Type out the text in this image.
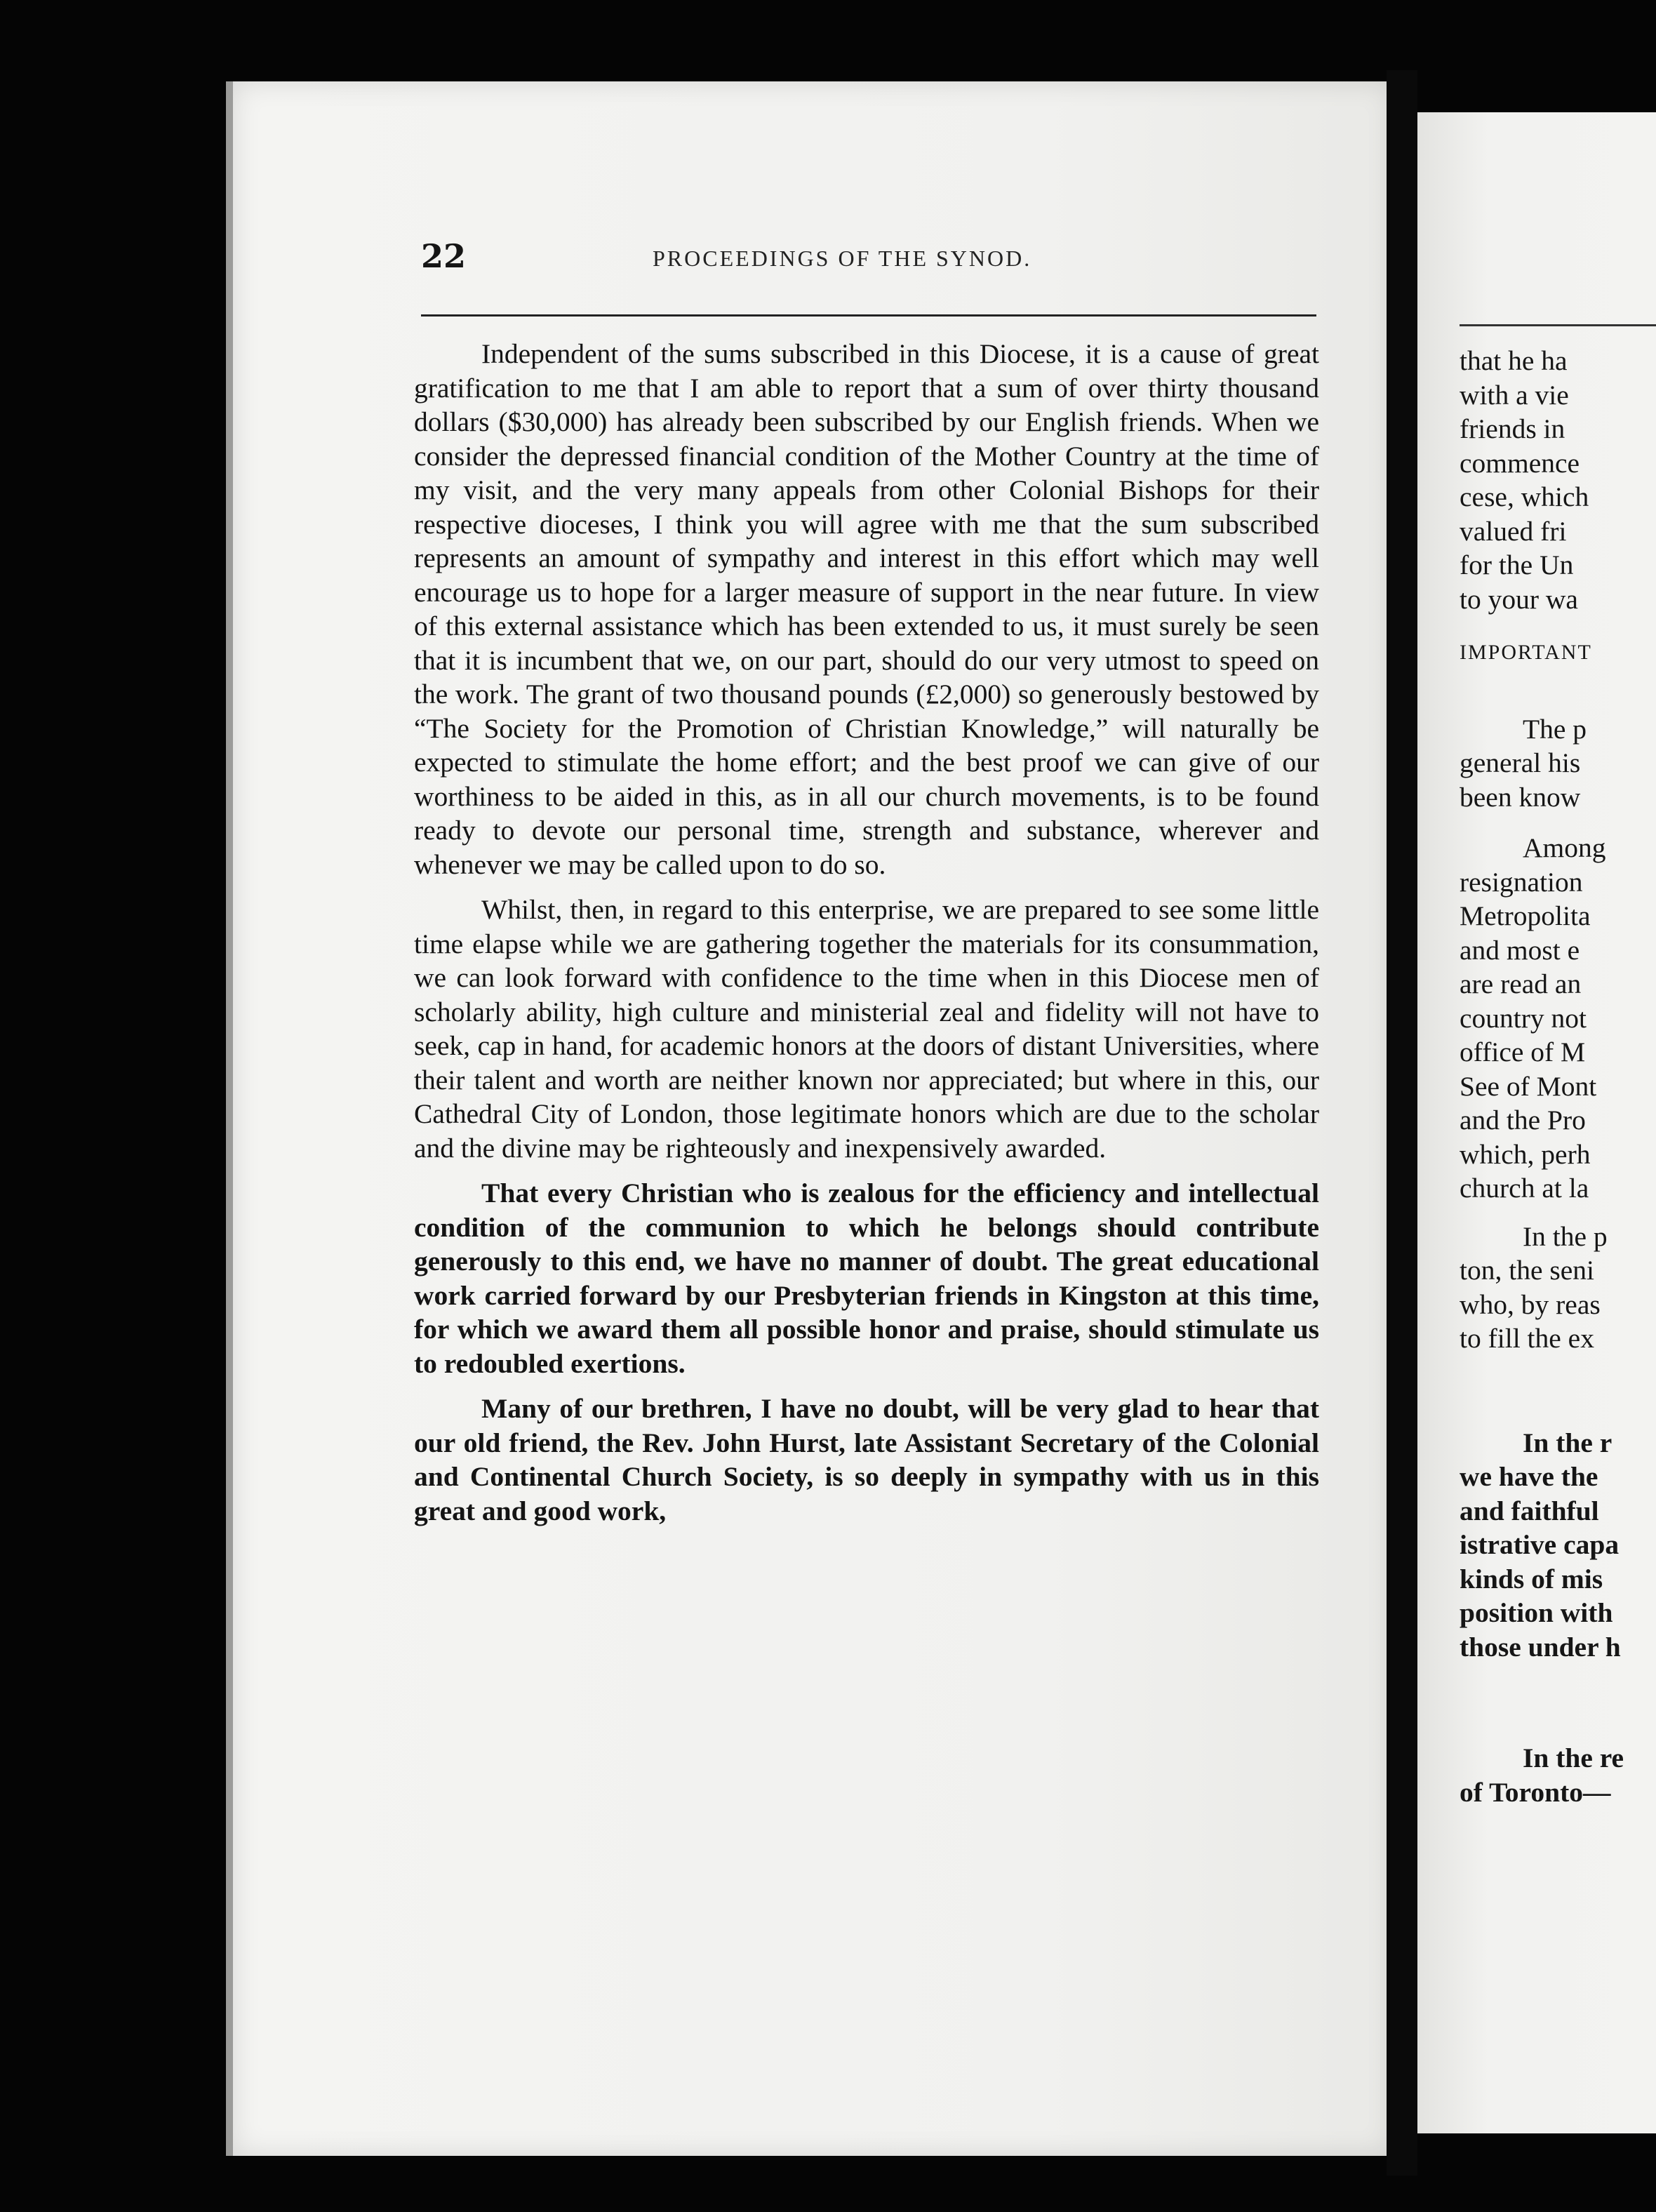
22	PROCEEDINGS OF THE SYNOD.

Independent of the sums subscribed in this Diocese, it is a cause of great gratification to me that I am able to report that a sum of over thirty thousand dollars ($30,000) has already been subscribed by our English friends. When we consider the depressed financial condition of the Mother Country at the time of my visit, and the very many appeals from other Colonial Bishops for their respective dioceses, I think you will agree with me that the sum subscribed represents an amount of sympathy and interest in this effort which may well encourage us to hope for a larger measure of support in the near future. In view of this external assistance which has been extended to us, it must surely be seen that it is incumbent that we, on our part, should do our very utmost to speed on the work. The grant of two thousand pounds (£2,000) so generously bestowed by “The Society for the Promotion of Christian Knowledge,” will naturally be expected to stimulate the home effort; and the best proof we can give of our worthiness to be aided in this, as in all our church movements, is to be found ready to devote our personal time, strength and substance, wherever and whenever we may be called upon to do so.

Whilst, then, in regard to this enterprise, we are prepared to see some little time elapse while we are gathering together the materials for its consummation, we can look forward with confidence to the time when in this Diocese men of scholarly ability, high culture and ministerial zeal and fidelity will not have to seek, cap in hand, for academic honors at the doors of distant Universities, where their talent and worth are neither known nor appreciated; but where in this, our Cathedral City of London, those legitimate honors which are due to the scholar and the divine may be righteously and inexpensively awarded.

That every Christian who is zealous for the efficiency and intellectual condition of the communion to which he belongs should contribute generously to this end, we have no manner of doubt. The great educational work carried forward by our Presbyterian friends in Kingston at this time, for which we award them all possible honor and praise, should stimulate us to redoubled exertions.

Many of our brethren, I have no doubt, will be very glad to hear that our old friend, the Rev. John Hurst, late Assistant Secretary of the Colonial and Continental Church Society, is so deeply in sympathy with us in this great and good work,

that he ha
with a vie
friends in
commence
cese, which
valued fri
for the Un
to your wa
IMPORTANT
The p
general his
been know
Among
resignation
Metropolita
and most e
are read an
country not
office of M
See of Mont
and the Pro
which, perh
church at la
In the p
ton, the seni
who, by reas
to fill the ex
In the r
we have the
and faithful
istrative capa
kinds of mis
position with
those under h
In the re
of Toronto—
